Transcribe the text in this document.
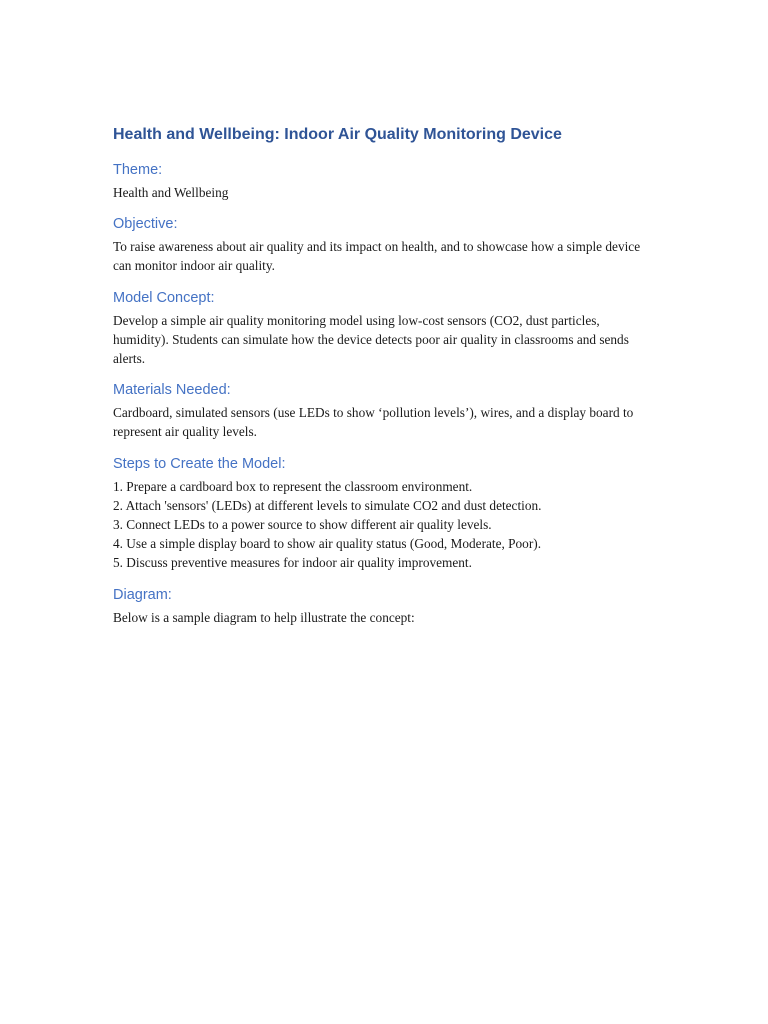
Health and Wellbeing: Indoor Air Quality Monitoring Device
Theme:

Health and Wellbeing

Objective:

To raise awareness about air quality and its impact on health, and to showcase how a simple device can monitor indoor air quality.

Model Concept:

Develop a simple air quality monitoring model using low-cost sensors (CO2, dust particles, humidity). Students can simulate how the device detects poor air quality in classrooms and sends alerts.

Materials Needed:

Cardboard, simulated sensors (use LEDs to show ‘pollution levels’), wires, and a display board to represent air quality levels.

Steps to Create the Model:
1. Prepare a cardboard box to represent the classroom environment.
2. Attach 'sensors' (LEDs) at different levels to simulate CO2 and dust detection.
3. Connect LEDs to a power source to show different air quality levels.
4. Use a simple display board to show air quality status (Good, Moderate, Poor).
5. Discuss preventive measures for indoor air quality improvement.
Diagram:

Below is a sample diagram to help illustrate the concept:
